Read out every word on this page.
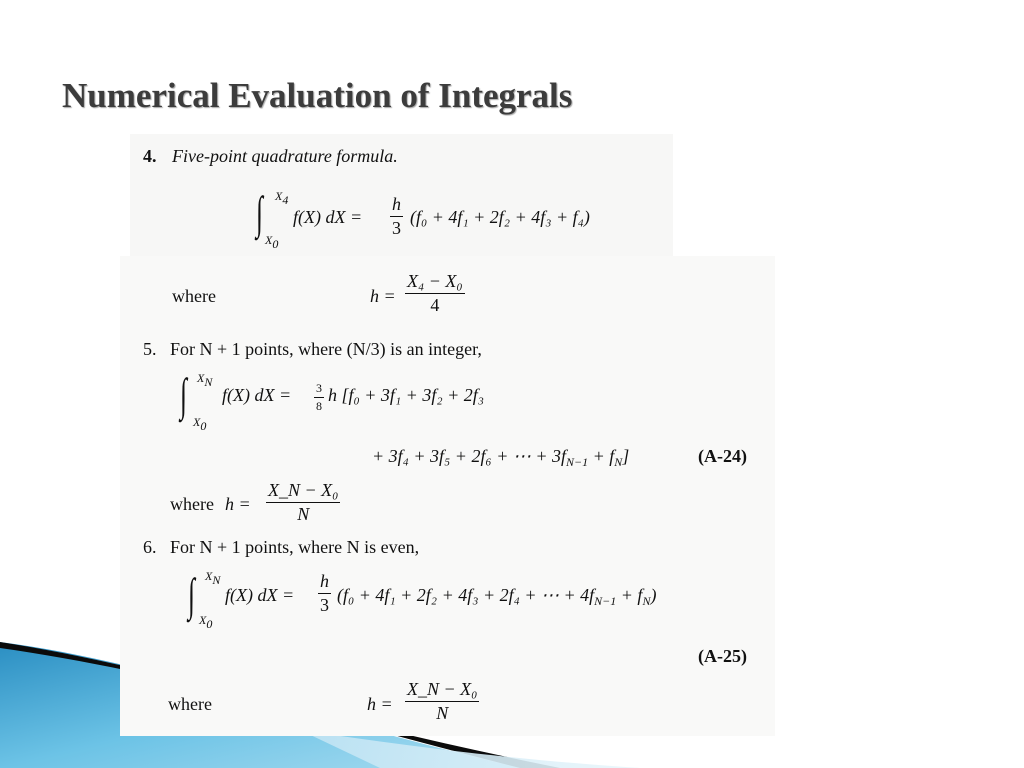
Numerical Evaluation of Integrals
4. Five-point quadrature formula.
∫ $X_4$
$X_0$
f(X) dX =
h
3
(f₀ + 4f₁ + 2f₂ + 4f₃ + f₄)
where	h =
X₄ − X₀
4
5. For N + 1 points, where (N/3) is an integer,
∫ $X_N$
$X_0$
f(X) dX = 3
8
h [f₀ + 3f₁ + 3f₂ + 2f₃
+ 3f₄ + 3f₅ + 2f₆ + ⋯ + $3f_{N-1} + f_N$]	(A-24)
where h =
X_N − X₀
N
6. For N + 1 points, where N is even,
∫ $X_N$
$X_0$
f(X) dX =
h
3 (f₀ + 4f₁ + 2f₂ + 4f₃ + 2f₄ + ⋯ + $4f_{N-1} + f_N$)
(A-25)
where	h =
X_N − X₀
N
